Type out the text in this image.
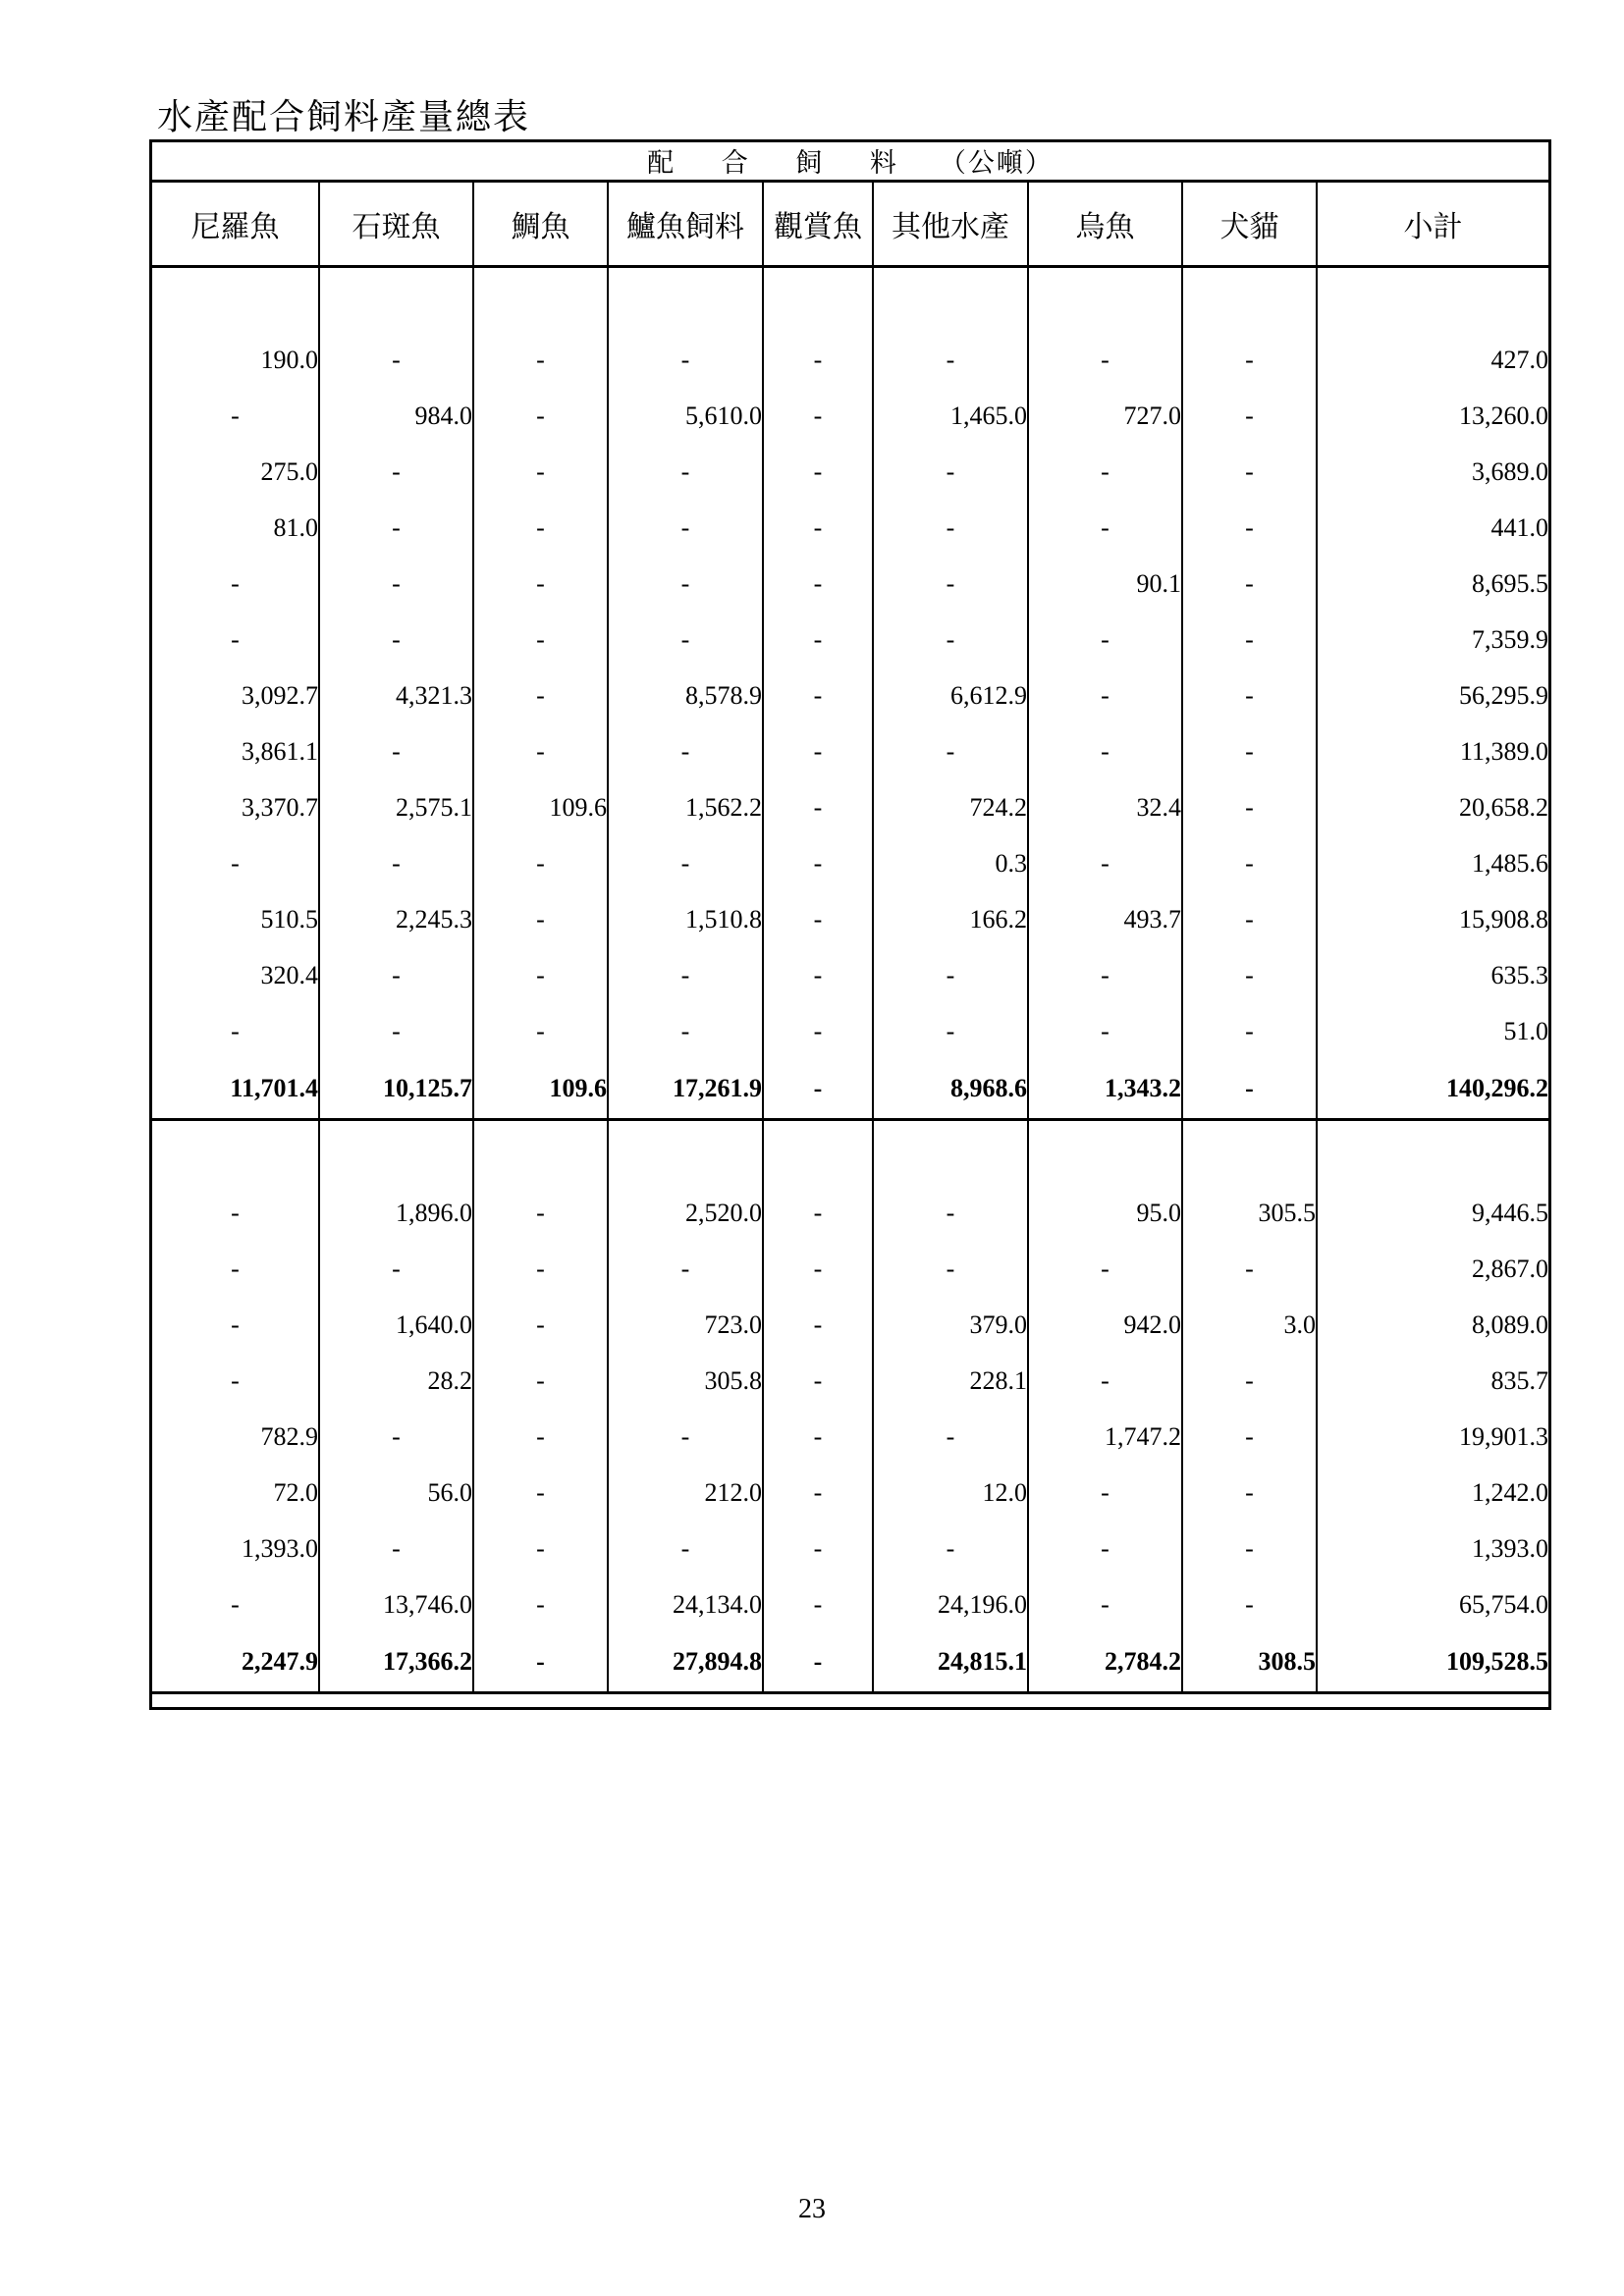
水產配合飼料產量總表
配 合 飼 料 （公噸）								
尼羅魚	石斑魚	鯛魚	鱸魚飼料	觀賞魚	其他水產	烏魚	犬貓	小計

190.0	-	-	-	-	-	-	-	427.0
-	984.0	-	5,610.0	-	1,465.0	727.0	-	13,260.0
275.0	-	-	-	-	-	-	-	3,689.0
81.0	-	-	-	-	-	-	-	441.0
-	-	-	-	-	-	90.1	-	8,695.5
-	-	-	-	-	-	-	-	7,359.9
3,092.7	4,321.3	-	8,578.9	-	6,612.9	-	-	56,295.9
3,861.1	-	-	-	-	-	-	-	11,389.0
3,370.7	2,575.1	109.6	1,562.2	-	724.2	32.4	-	20,658.2
-	-	-	-	-	0.3	-	-	1,485.6
510.5	2,245.3	-	1,510.8	-	166.2	493.7	-	15,908.8
320.4	-	-	-	-	-	-	-	635.3
-	-	-	-	-	-	-	-	51.0
11,701.4	10,125.7	109.6	17,261.9	-	8,968.6	1,343.2	-	140,296.2

-	1,896.0	-	2,520.0	-	-	95.0	305.5	9,446.5
-	-	-	-	-	-	-	-	2,867.0
-	1,640.0	-	723.0	-	379.0	942.0	3.0	8,089.0
-	28.2	-	305.8	-	228.1	-	-	835.7
782.9	-	-	-	-	-	1,747.2	-	19,901.3
72.0	56.0	-	212.0	-	12.0	-	-	1,242.0
1,393.0	-	-	-	-	-	-	-	1,393.0
-	13,746.0	-	24,134.0	-	24,196.0	-	-	65,754.0
2,247.9	17,366.2	-	27,894.8	-	24,815.1	2,784.2	308.5	109,528.5
23
